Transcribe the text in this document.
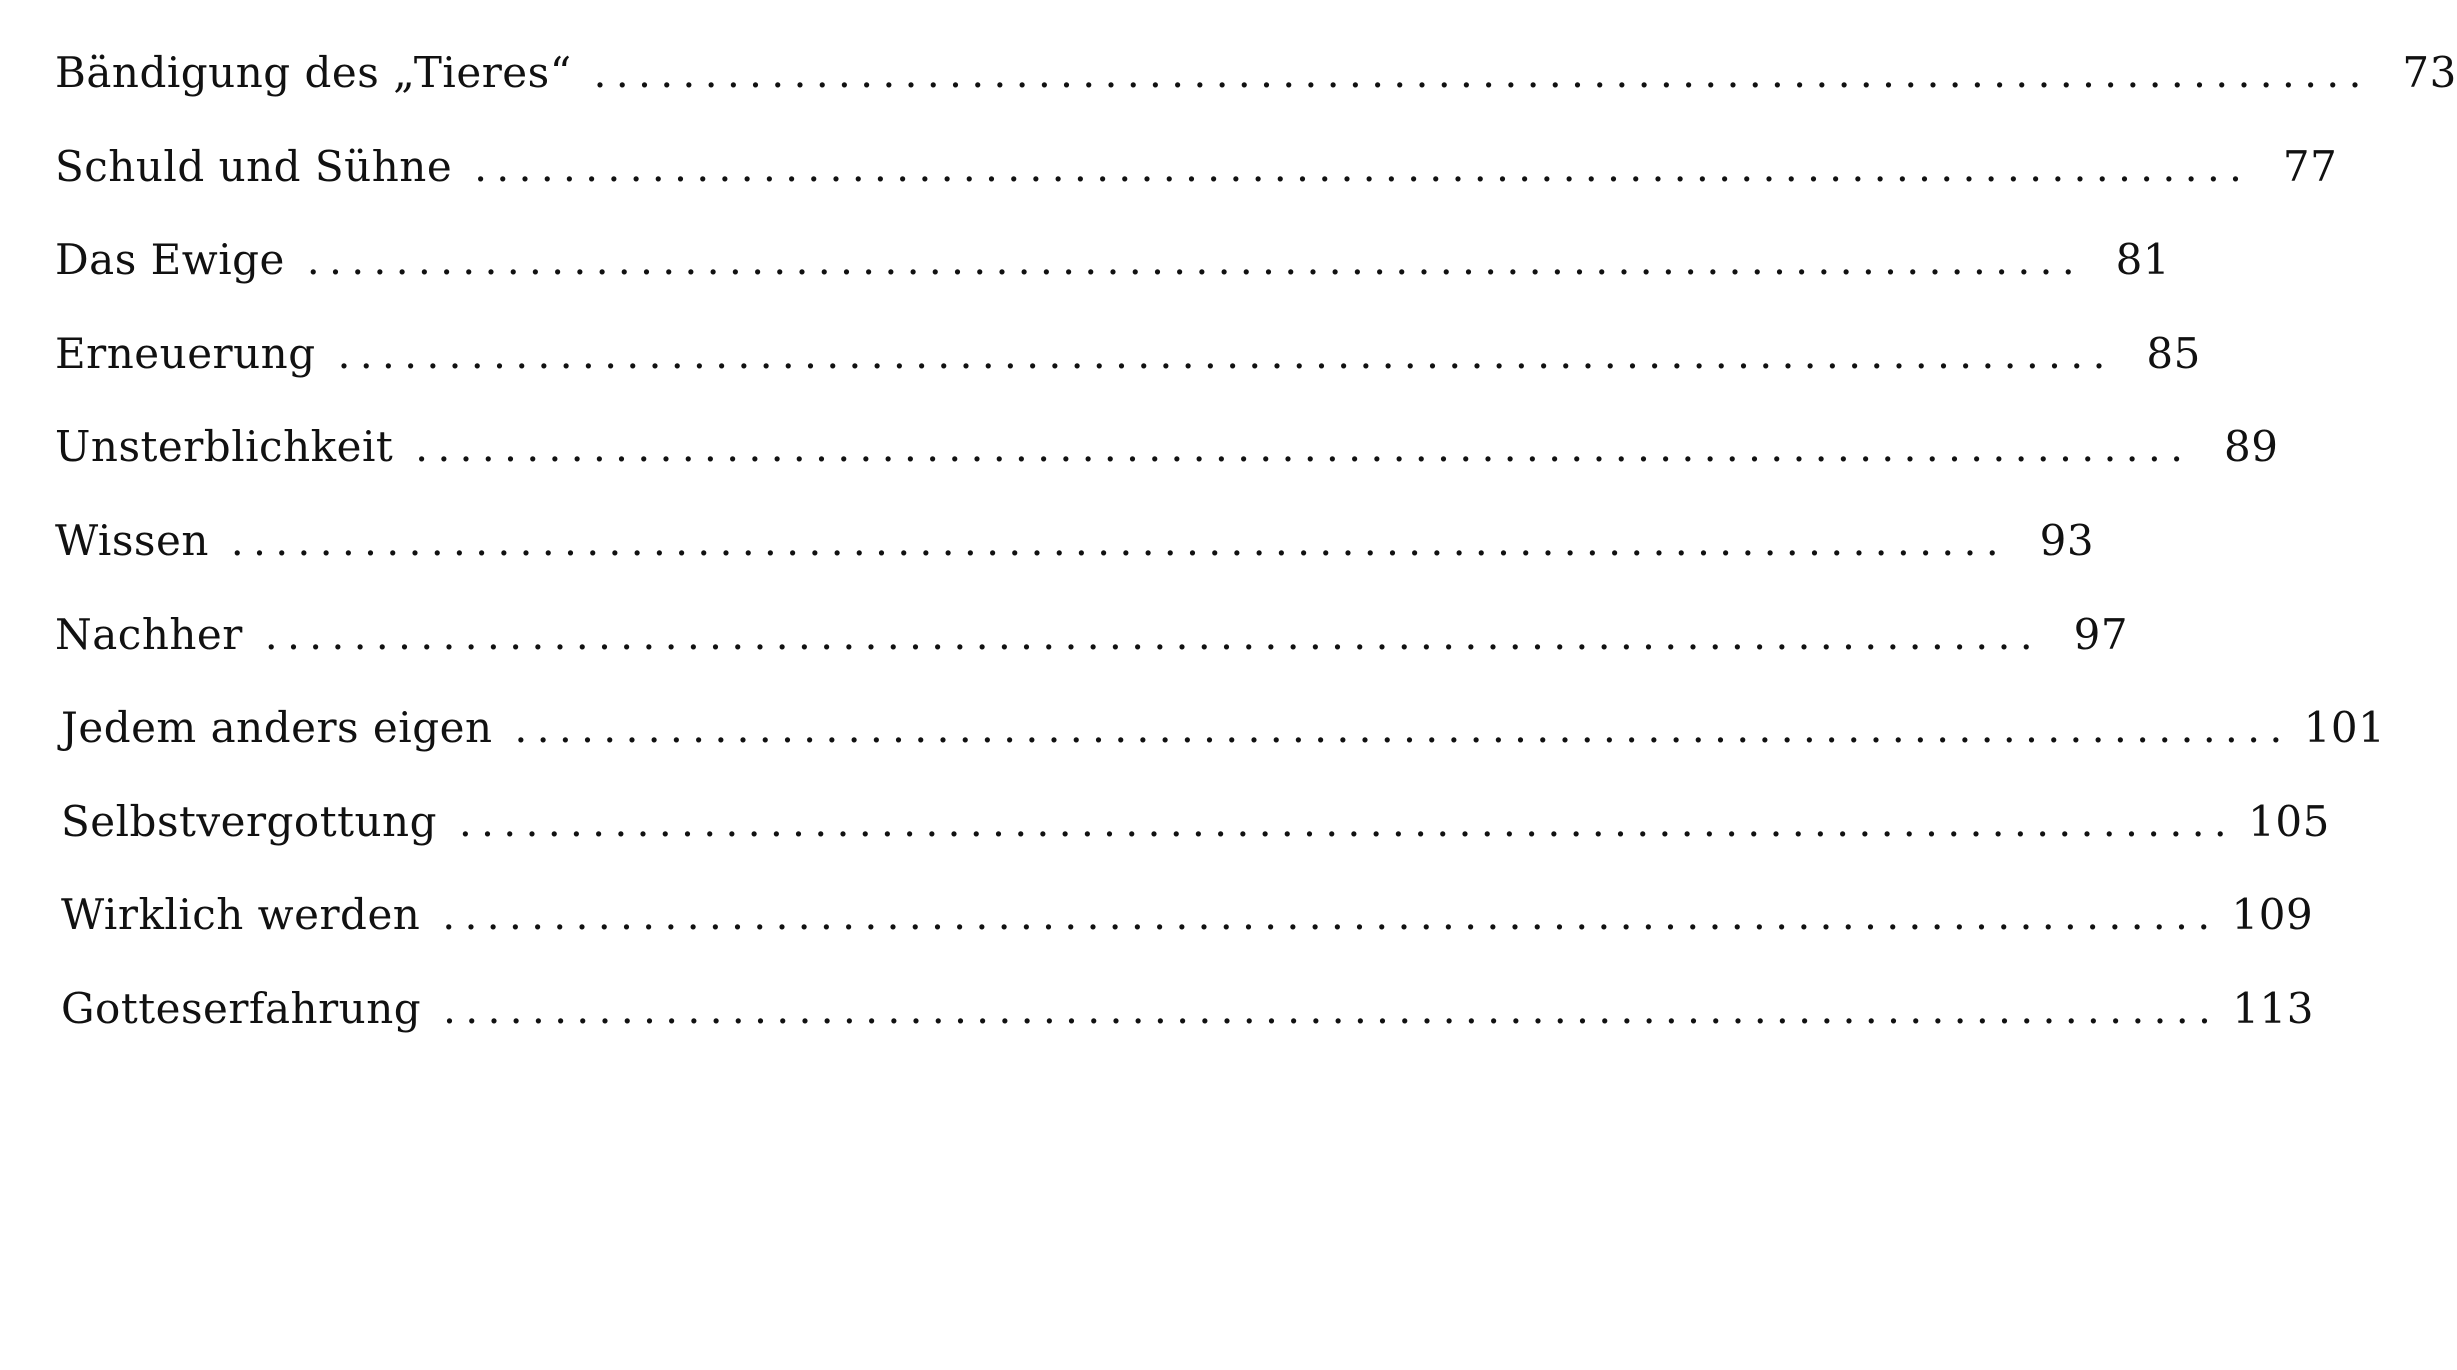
Bändigung des „Tieres“ ................................................................................ 73
Schuld und Sühne ................................................................................ 77
Das Ewige ................................................................................ 81
Erneuerung ................................................................................ 85
Unsterblichkeit ................................................................................ 89
Wissen ................................................................................ 93
Nachher ................................................................................ 97
Jedem anders eigen ................................................................................ 101
Selbstvergottung ................................................................................ 105
Wirklich werden ................................................................................ 109
Gotteserfahrung ................................................................................ 113
